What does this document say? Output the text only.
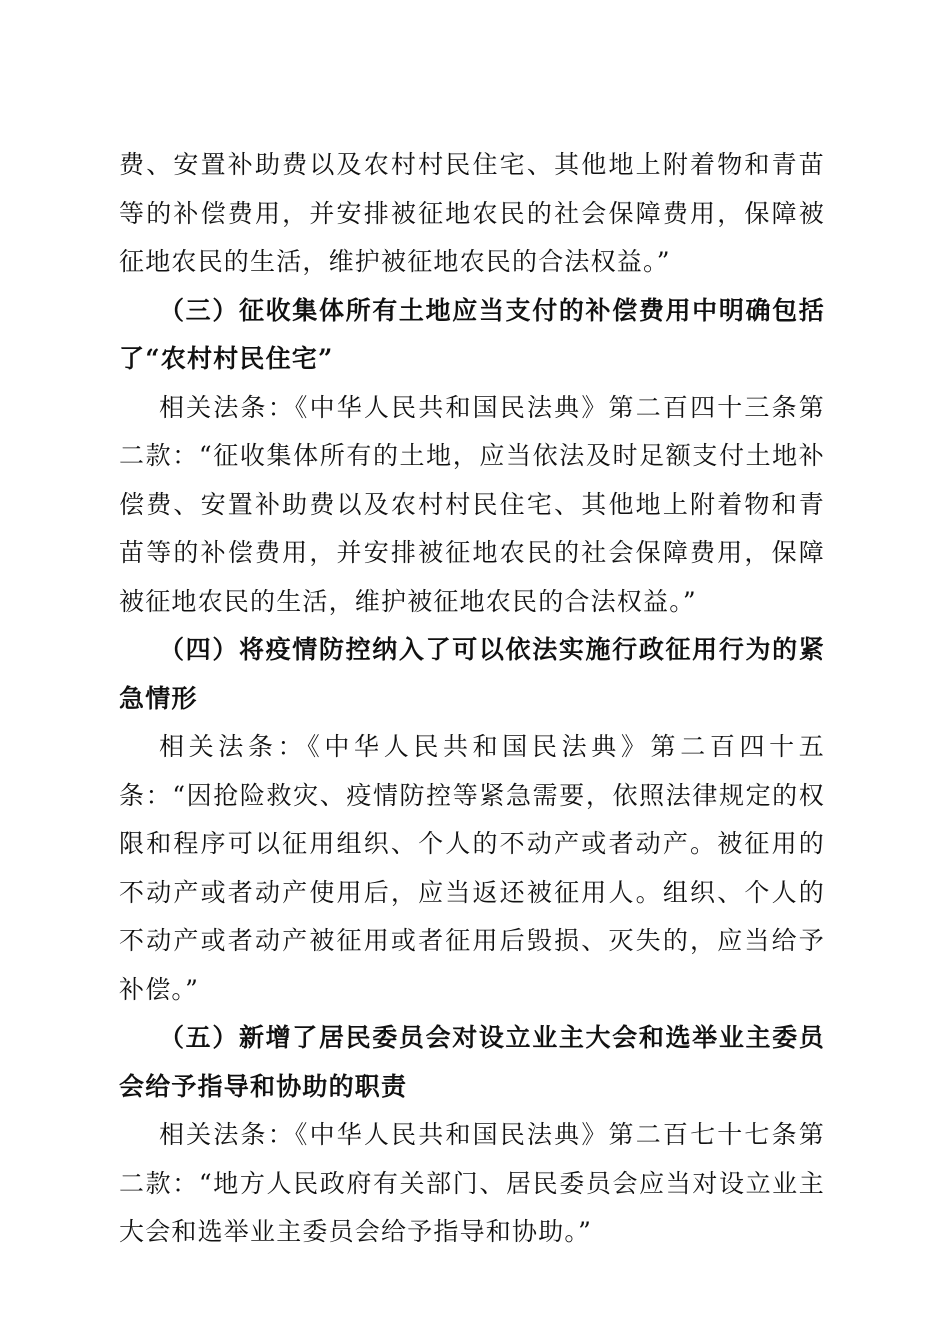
费、安置补助费以及农村村民住宅、其他地上附着物和青苗等的补偿费用，并安排被征地农民的社会保障费用，保障被征地农民的生活，维护被征地农民的合法权益。”

（三）征收集体所有土地应当支付的补偿费用中明确包括了“农村村民住宅”

相关法条：《中华人民共和国民法典》第二百四十三条第二款：“征收集体所有的土地，应当依法及时足额支付土地补偿费、安置补助费以及农村村民住宅、其他地上附着物和青苗等的补偿费用，并安排被征地农民的社会保障费用，保障被征地农民的生活，维护被征地农民的合法权益。”

（四）将疫情防控纳入了可以依法实施行政征用行为的紧急情形

相关法条：《中华人民共和国民法典》第二百四十五条：“因抢险救灾、疫情防控等紧急需要，依照法律规定的权限和程序可以征用组织、个人的不动产或者动产。被征用的不动产或者动产使用后，应当返还被征用人。组织、个人的不动产或者动产被征用或者征用后毁损、灭失的，应当给予补偿。”

（五）新增了居民委员会对设立业主大会和选举业主委员会给予指导和协助的职责

相关法条：《中华人民共和国民法典》第二百七十七条第二款：“地方人民政府有关部门、居民委员会应当对设立业主大会和选举业主委员会给予指导和协助。”
